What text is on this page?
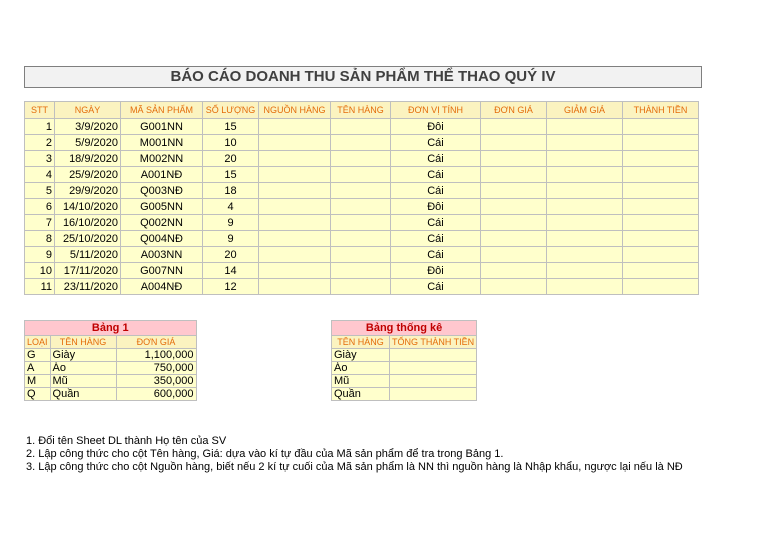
BÁO CÁO DOANH THU SẢN PHẨM THỂ THAO QUÝ IV
STT	NGÀY	MÃ SẢN PHẨM	SỐ LƯỢNG	NGUỒN HÀNG	TÊN HÀNG	ĐƠN VỊ TÍNH	ĐƠN GIÁ	GIẢM GIÁ	THÀNH TIỀN
1	3/9/2020	G001NN	15			Đôi			
2	5/9/2020	M001NN	10			Cái			
3	18/9/2020	M002NN	20			Cái			
4	25/9/2020	A001NĐ	15			Cái			
5	29/9/2020	Q003NĐ	18			Cái			
6	14/10/2020	G005NN	4			Đôi			
7	16/10/2020	Q002NN	9			Cái			
8	25/10/2020	Q004NĐ	9			Cái			
9	5/11/2020	A003NN	20			Cái			
10	17/11/2020	G007NN	14			Đôi			
11	23/11/2020	A004NĐ	12			Cái			
Bảng 1		
LOẠI	TÊN HÀNG	ĐƠN GIÁ
G	Giày	1,100,000
A	Áo	750,000
M	Mũ	350,000
Q	Quần	600,000
Bảng thống kê	
TÊN HÀNG	TỔNG THÀNH TIỀN
Giày	
Áo	
Mũ	
Quần	
1. Đổi tên Sheet DL thành Họ tên của SV
2. Lập công thức cho cột Tên hàng, Giá: dựa vào kí tự đầu của Mã sản phẩm để tra trong Bảng 1.
3. Lập công thức cho cột Nguồn hàng, biết nếu 2 kí tự cuối của Mã sản phẩm là NN thì nguồn hàng là Nhập khẩu, ngược lại nếu là NĐ
